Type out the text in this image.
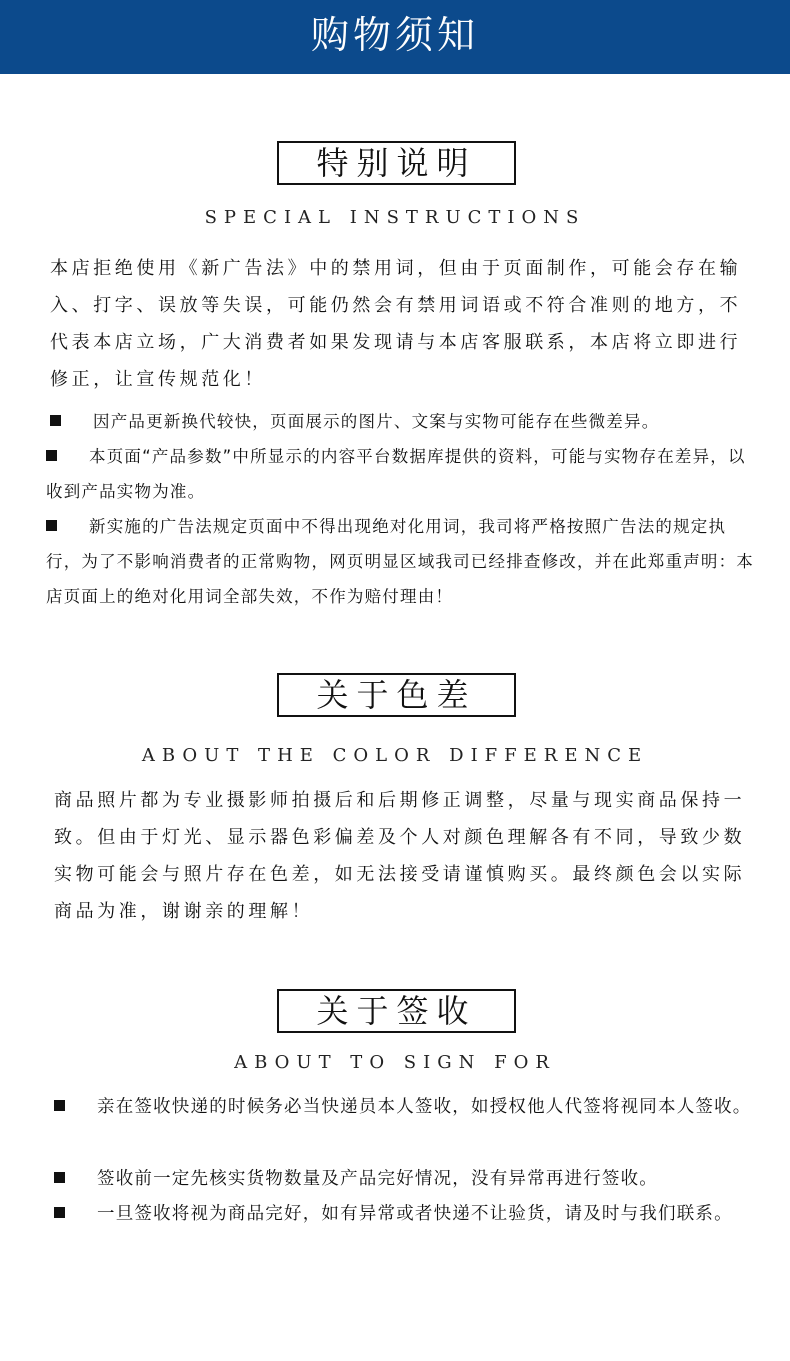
购物须知
特别说明
SPECIAL INSTRUCTIONS

本店拒绝使用《新广告法》中的禁用词，但由于页面制作，可能会存在输入、打字、误放等失误，可能仍然会有禁用词语或不符合准则的地方，不代表本店立场，广大消费者如果发现请与本店客服联系，本店将立即进行修正，让宣传规范化！

因产品更新换代较快，页面展示的图片、文案与实物可能存在些微差异。

本页面“产品参数”中所显示的内容平台数据库提供的资料，可能与实物存在差异，以收到产品实物为准。

新实施的广告法规定页面中不得出现绝对化用词，我司将严格按照广告法的规定执行，为了不影响消费者的正常购物，网页明显区域我司已经排查修改，并在此郑重声明：本店页面上的绝对化用词全部失效，不作为赔付理由！

关于色差
ABOUT THE COLOR DIFFERENCE

商品照片都为专业摄影师拍摄后和后期修正调整，尽量与现实商品保持一致。但由于灯光、显示器色彩偏差及个人对颜色理解各有不同，导致少数实物可能会与照片存在色差，如无法接受请谨慎购买。最终颜色会以实际商品为准，谢谢亲的理解！

关于签收
ABOUT TO SIGN FOR

亲在签收快递的时候务必当快递员本人签收，如授权他人代签将视同本人签收。

签收前一定先核实货物数量及产品完好情况，没有异常再进行签收。

一旦签收将视为商品完好，如有异常或者快递不让验货，请及时与我们联系。
